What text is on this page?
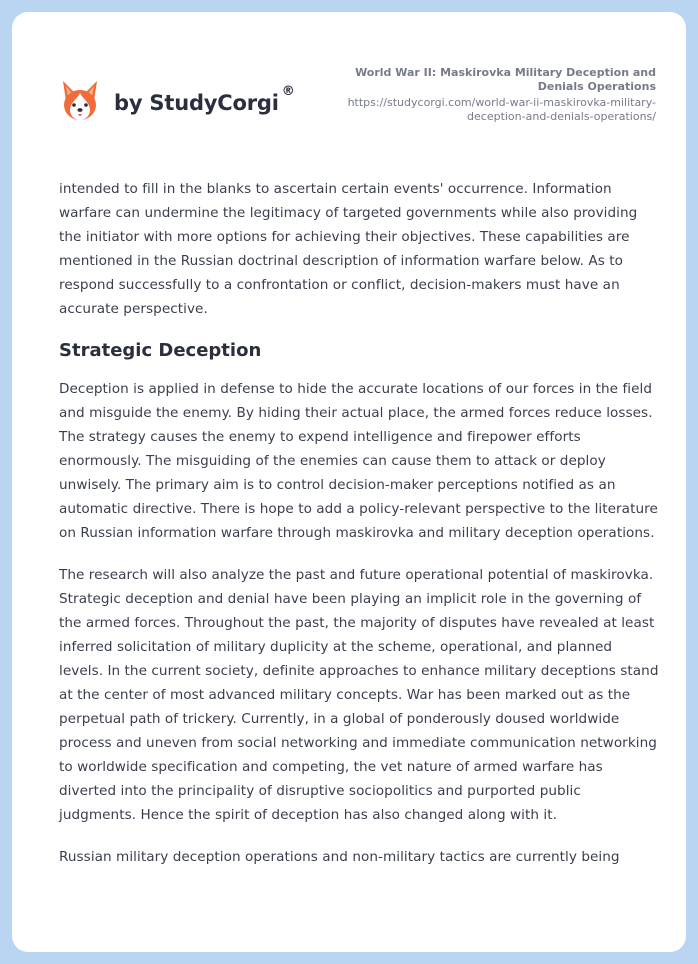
by StudyCorgi ®
World War II: Maskirovka Military Deception and Denials Operations
https://studycorgi.com/world-war-ii-maskirovka-military-deception-and-denials-operations/

intended to fill in the blanks to ascertain certain events' occurrence. Information warfare can undermine the legitimacy of targeted governments while also providing the initiator with more options for achieving their objectives. These capabilities are mentioned in the Russian doctrinal description of information warfare below. As to respond successfully to a confrontation or conflict, decision-makers must have an accurate perspective.

Strategic Deception

Deception is applied in defense to hide the accurate locations of our forces in the field and misguide the enemy. By hiding their actual place, the armed forces reduce losses. The strategy causes the enemy to expend intelligence and firepower efforts enormously. The misguiding of the enemies can cause them to attack or deploy unwisely. The primary aim is to control decision-maker perceptions notified as an automatic directive. There is hope to add a policy-relevant perspective to the literature on Russian information warfare through maskirovka and military deception operations.

The research will also analyze the past and future operational potential of maskirovka. Strategic deception and denial have been playing an implicit role in the governing of the armed forces. Throughout the past, the majority of disputes have revealed at least inferred solicitation of military duplicity at the scheme, operational, and planned levels. In the current society, definite approaches to enhance military deceptions stand at the center of most advanced military concepts. War has been marked out as the perpetual path of trickery. Currently, in a global of ponderously doused worldwide process and uneven from social networking and immediate communication networking to worldwide specification and competing, the vet nature of armed warfare has diverted into the principality of disruptive sociopolitics and purported public judgments. Hence the spirit of deception has also changed along with it.

Russian military deception operations and non-military tactics are currently being
